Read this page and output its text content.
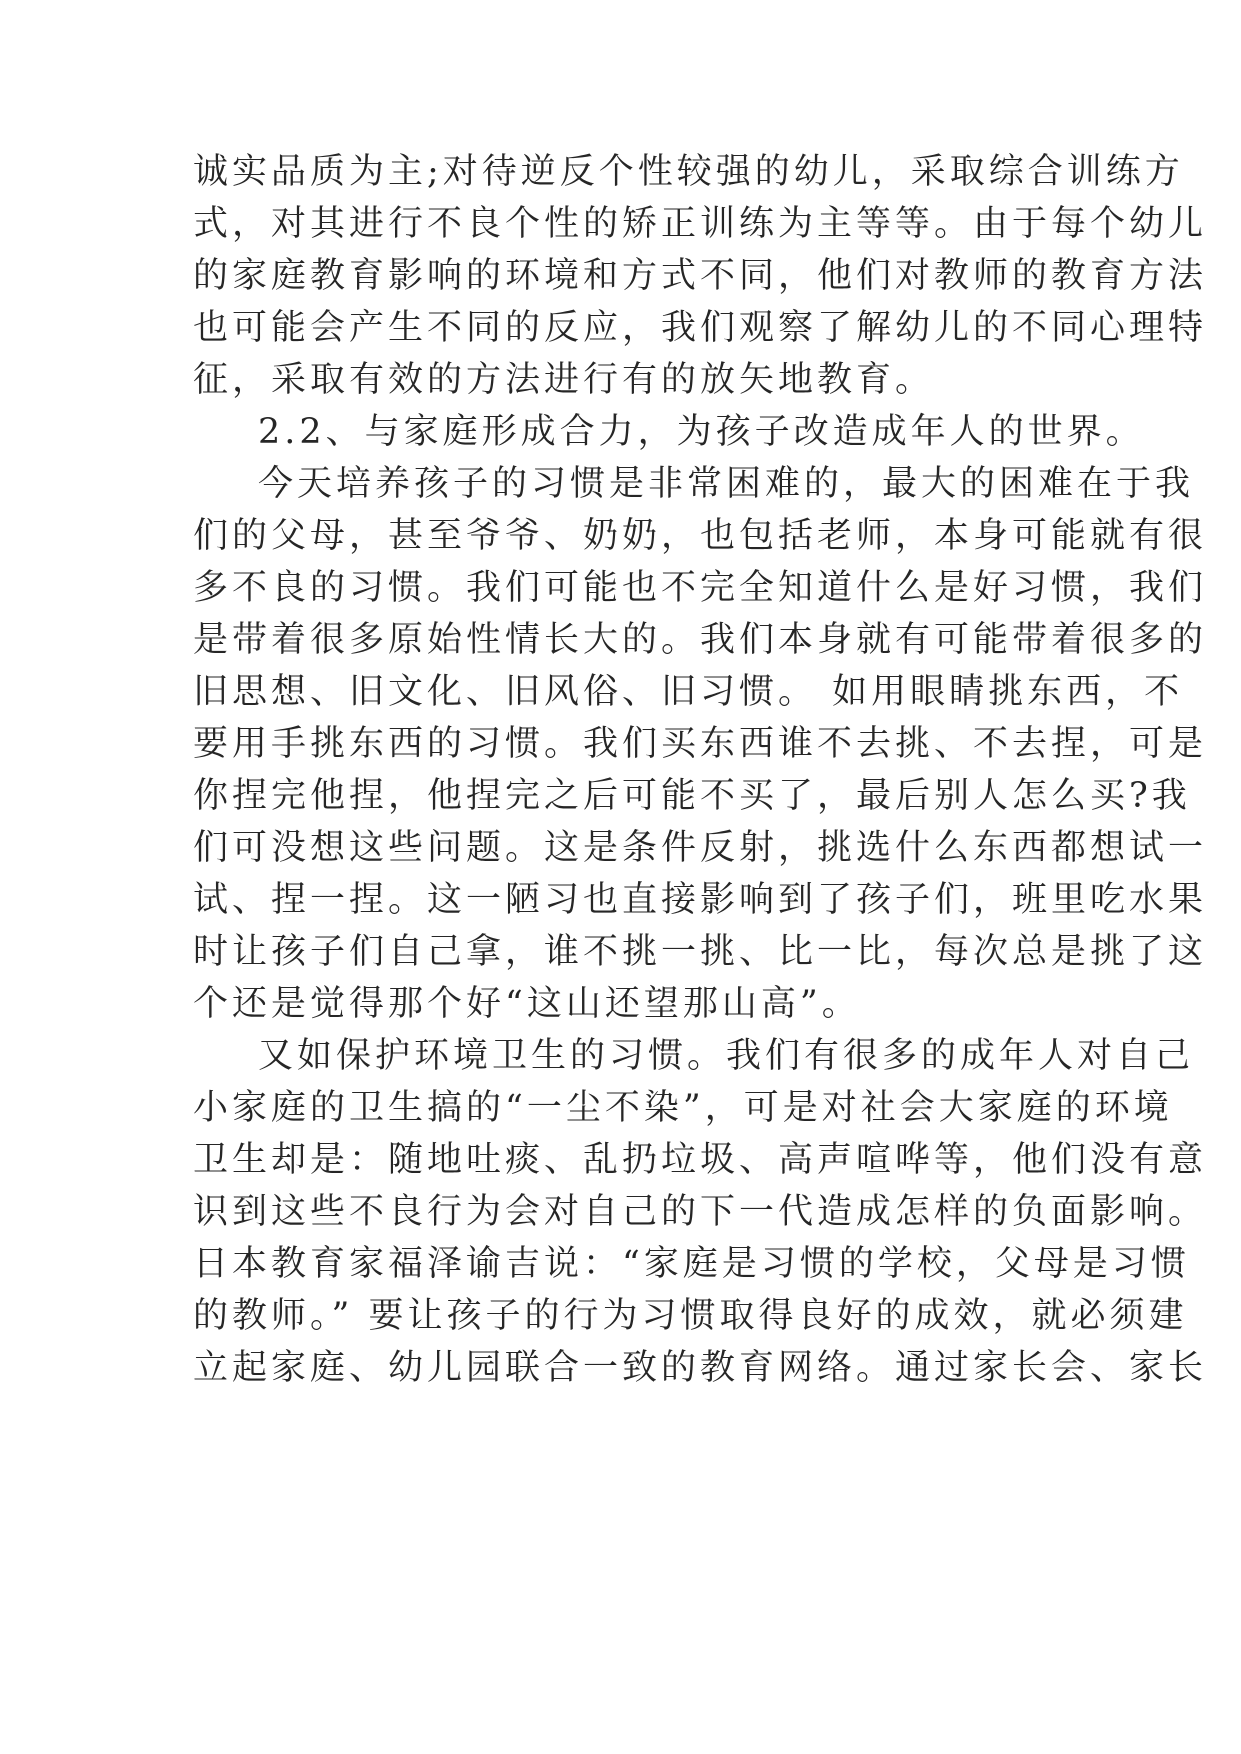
诚实品质为主;对待逆反个性较强的幼儿，采取综合训练方
式，对其进行不良个性的矫正训练为主等等。由于每个幼儿
的家庭教育影响的环境和方式不同，他们对教师的教育方法
也可能会产生不同的反应，我们观察了解幼儿的不同心理特
征，采取有效的方法进行有的放矢地教育。
2.2、与家庭形成合力，为孩子改造成年人的世界。
今天培养孩子的习惯是非常困难的，最大的困难在于我
们的父母，甚至爷爷、奶奶，也包括老师，本身可能就有很
多不良的习惯。我们可能也不完全知道什么是好习惯，我们
是带着很多原始性情长大的。我们本身就有可能带着很多的
旧思想、旧文化、旧风俗、旧习惯。 如用眼睛挑东西，不
要用手挑东西的习惯。我们买东西谁不去挑、不去捏，可是
你捏完他捏，他捏完之后可能不买了，最后别人怎么买?我
们可没想这些问题。这是条件反射，挑选什么东西都想试一
试、捏一捏。这一陋习也直接影响到了孩子们，班里吃水果
时让孩子们自己拿，谁不挑一挑、比一比，每次总是挑了这
个还是觉得那个好“这山还望那山高”。
又如保护环境卫生的习惯。我们有很多的成年人对自己
小家庭的卫生搞的“一尘不染”，可是对社会大家庭的环境
卫生却是：随地吐痰、乱扔垃圾、高声喧哗等，他们没有意
识到这些不良行为会对自己的下一代造成怎样的负面影响。
日本教育家福泽谕吉说：“家庭是习惯的学校，父母是习惯
的教师。” 要让孩子的行为习惯取得良好的成效，就必须建
立起家庭、幼儿园联合一致的教育网络。通过家长会、家长
